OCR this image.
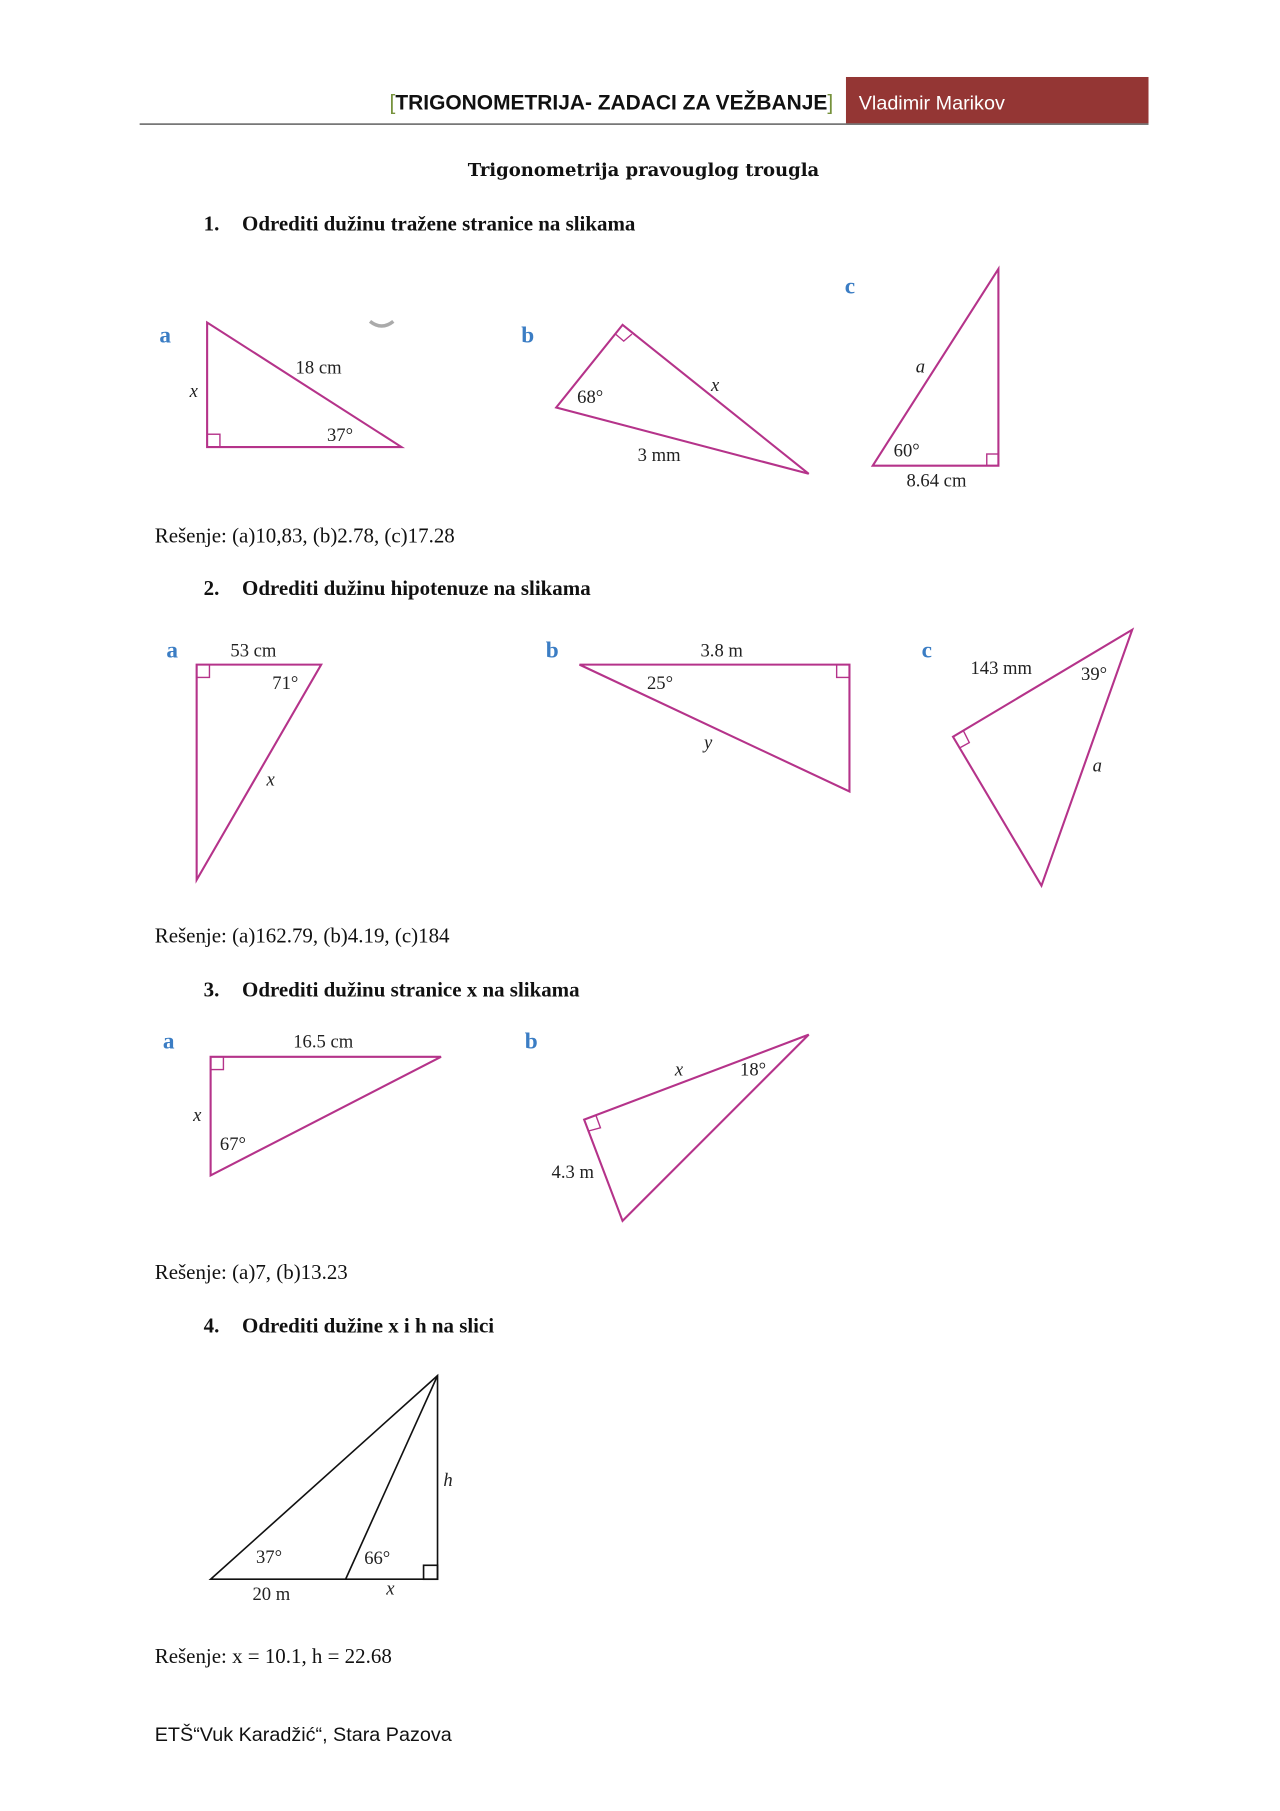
[TRIGONOMETRIJA- ZADACI ZA VEŽBANJE] Vladimir Marikov
Trigonometrija pravouglog trougla
1. Odrediti dužinu tražene stranice na slikama
a
18 cm
x
37°
b
68°
x
3 mm
c
a
60°
8.64 cm
Rešenje: (a)10,83, (b)2.78, (c)17.28
2. Odrediti dužinu hipotenuze na slikama
a	53 cm
71°
x
b	3.8 m
25°
y
c
143 mm	39°
a
Rešenje: (a)162.79, (b)4.19, (c)184
3. Odrediti dužinu stranice x na slikama
a	16.5 cm
x
67°
b
x	18°
4.3 m
Rešenje: (a)7, (b)13.23
4. Odrediti dužine x i h na slici
37°	66°
h
20 m	x
Rešenje: x = 10.1, h = 22.68
ETŠ“Vuk Karadžić“, Stara Pazova
